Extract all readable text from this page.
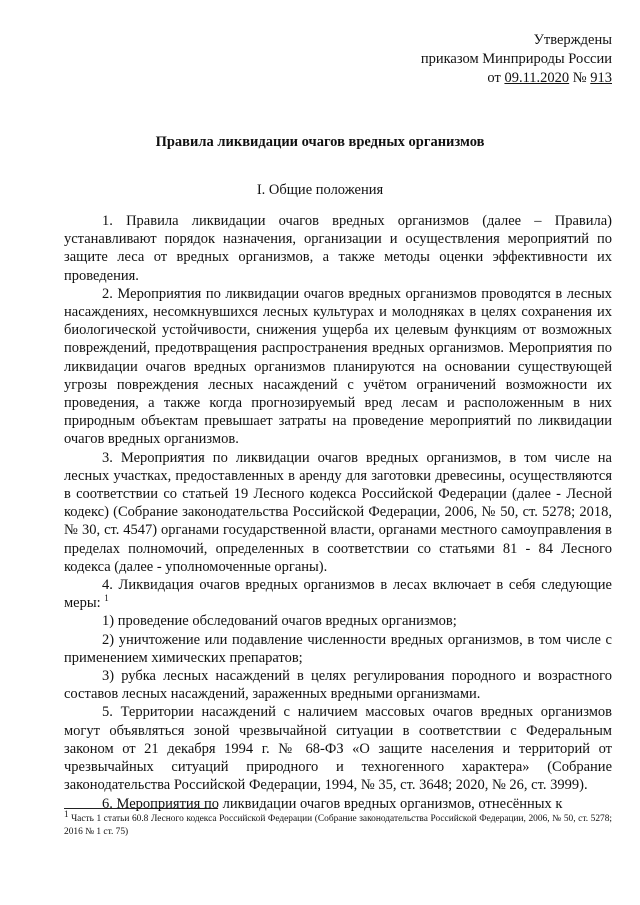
Утверждены
приказом Минприроды России
от 09.11.2020 № 913
Правила ликвидации очагов вредных организмов
I. Общие положения

1. Правила ликвидации очагов вредных организмов (далее – Правила) устанавливают порядок назначения, организации и осуществления мероприятий по защите леса от вредных организмов, а также методы оценки эффективности их проведения.

2. Мероприятия по ликвидации очагов вредных организмов проводятся в лесных насаждениях, несомкнувшихся лесных культурах и молодняках в целях сохранения их биологической устойчивости, снижения ущерба их целевым функциям от возможных повреждений, предотвращения распространения вредных организмов. Мероприятия по ликвидации очагов вредных организмов планируются на основании существующей угрозы повреждения лесных насаждений с учётом ограничений возможности их проведения, а также когда прогнозируемый вред лесам и расположенным в них природным объектам превышает затраты на проведение мероприятий по ликвидации очагов вредных организмов.

3. Мероприятия по ликвидации очагов вредных организмов, в том числе на лесных участках, предоставленных в аренду для заготовки древесины, осуществляются в соответствии со статьей 19 Лесного кодекса Российской Федерации (далее - Лесной кодекс) (Собрание законодательства Российской Федерации, 2006, № 50, ст. 5278; 2018, № 30, ст. 4547) органами государственной власти, органами местного самоуправления в пределах полномочий, определенных в соответствии со статьями 81 - 84 Лесного кодекса (далее - уполномоченные органы).

4. Ликвидация очагов вредных организмов в лесах включает в себя следующие меры: $^1$

1) проведение обследований очагов вредных организмов;

2) уничтожение или подавление численности вредных организмов, в том числе с применением химических препаратов;

3) рубка лесных насаждений в целях регулирования породного и возрастного составов лесных насаждений, зараженных вредными организмами.

5. Территории насаждений с наличием массовых очагов вредных организмов могут объявляться зоной чрезвычайной ситуации в соответствии с Федеральным законом от 21 декабря 1994 г. № 68-ФЗ «О защите населения и территорий от чрезвычайных ситуаций природного и техногенного характера» (Собрание законодательства Российской Федерации, 1994, № 35, ст. 3648; 2020, № 26, ст. 3999).

6. Мероприятия по ликвидации очагов вредных организмов, отнесённых к

$^1$ Часть 1 статьи 60.8 Лесного кодекса Российской Федерации (Собрание законодательства Российской Федерации, 2006, № 50, ст. 5278; 2016 № 1 ст. 75)
